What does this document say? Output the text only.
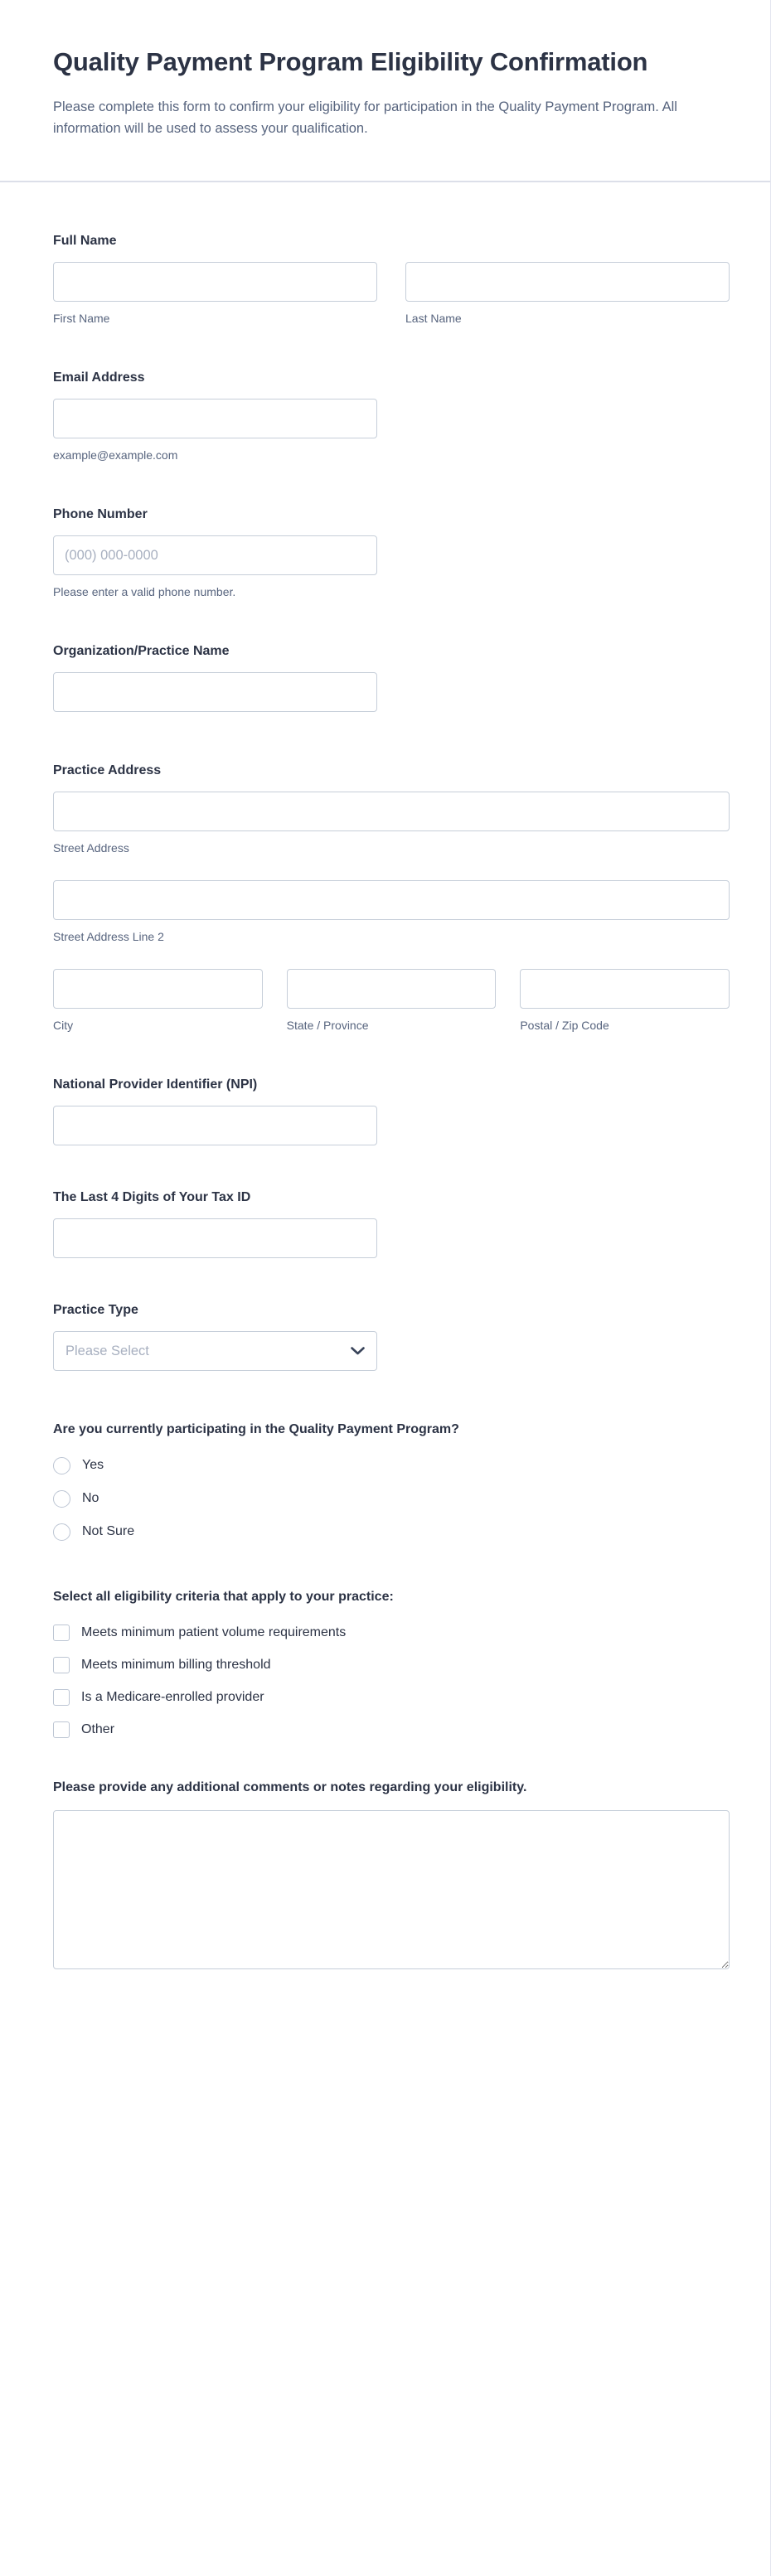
Quality Payment Program Eligibility Confirmation

Please complete this form to confirm your eligibility for participation in the Quality Payment Program. All information will be used to assess your qualification.

Full Name
First Name	Last Name
Email Address
example@example.com
Phone Number
(000) 000-0000
Please enter a valid phone number.
Organization/Practice Name
Practice Address
Street Address
Street Address Line 2
City	State / Province	Postal / Zip Code
National Provider Identifier (NPI)
The Last 4 Digits of Your Tax ID
Practice Type
Please Select
Are you currently participating in the Quality Payment Program?
Yes
No
Not Sure
Select all eligibility criteria that apply to your practice:
Meets minimum patient volume requirements
Meets minimum billing threshold
Is a Medicare-enrolled provider
Other
Please provide any additional comments or notes regarding your eligibility.
